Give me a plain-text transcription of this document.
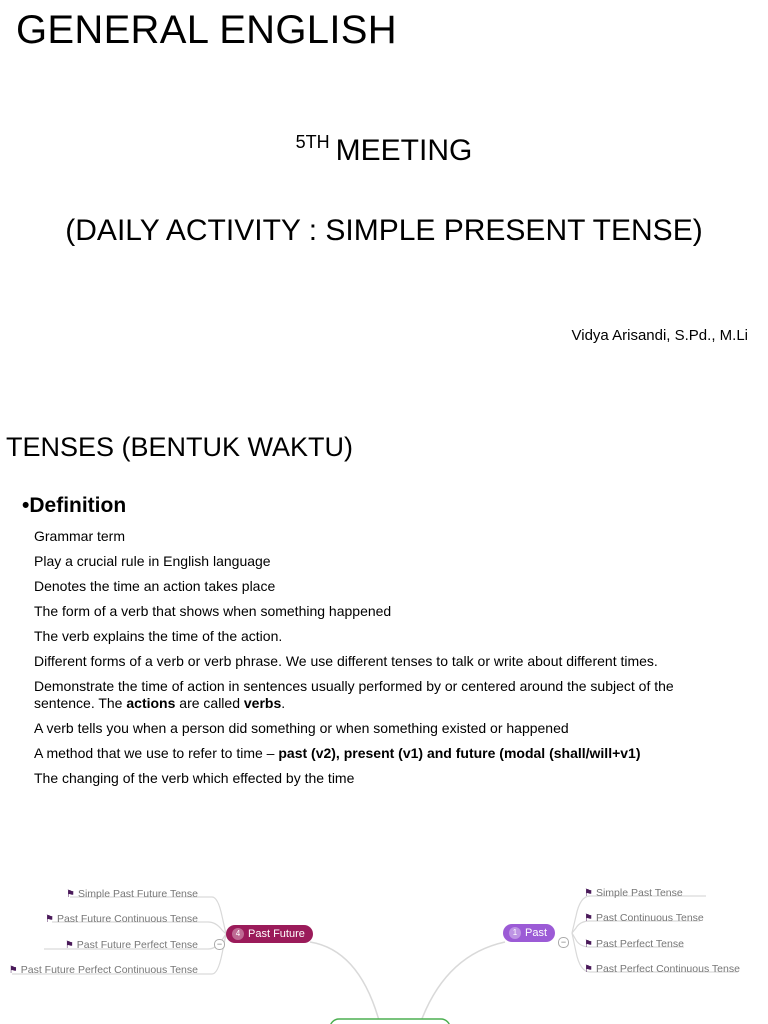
GENERAL ENGLISH
$^{5TH}$ MEETING
(DAILY ACTIVITY : SIMPLE PRESENT TENSE)
Vidya Arisandi, S.Pd., M.Li
TENSES (BENTUK WAKTU)
•Definition
Grammar term
Play a crucial rule in English language
Denotes the time an action takes place
The form of a verb that shows when something happened
The verb explains the time of the action.
Different forms of a verb or verb phrase. We use different tenses to talk or write about different times.
Demonstrate the time of action in sentences usually performed by or centered around the subject of the sentence. The actions are called verbs.
A verb tells you when a person did something or when something existed or happened
A method that we use to refer to time – past (v2), present (v1) and future (modal (shall/will+v1)
The changing of the verb which effected by the time
4 Past Future
−
1 Past
−
⚑ Simple Past Future Tense
⚑ Past Future Continuous Tense
⚑ Past Future Perfect Tense
⚑ Past Future Perfect Continuous Tense
⚑ Simple Past Tense
⚑ Past Continuous Tense
⚑ Past Perfect Tense
⚑ Past Perfect Continuous Tense
